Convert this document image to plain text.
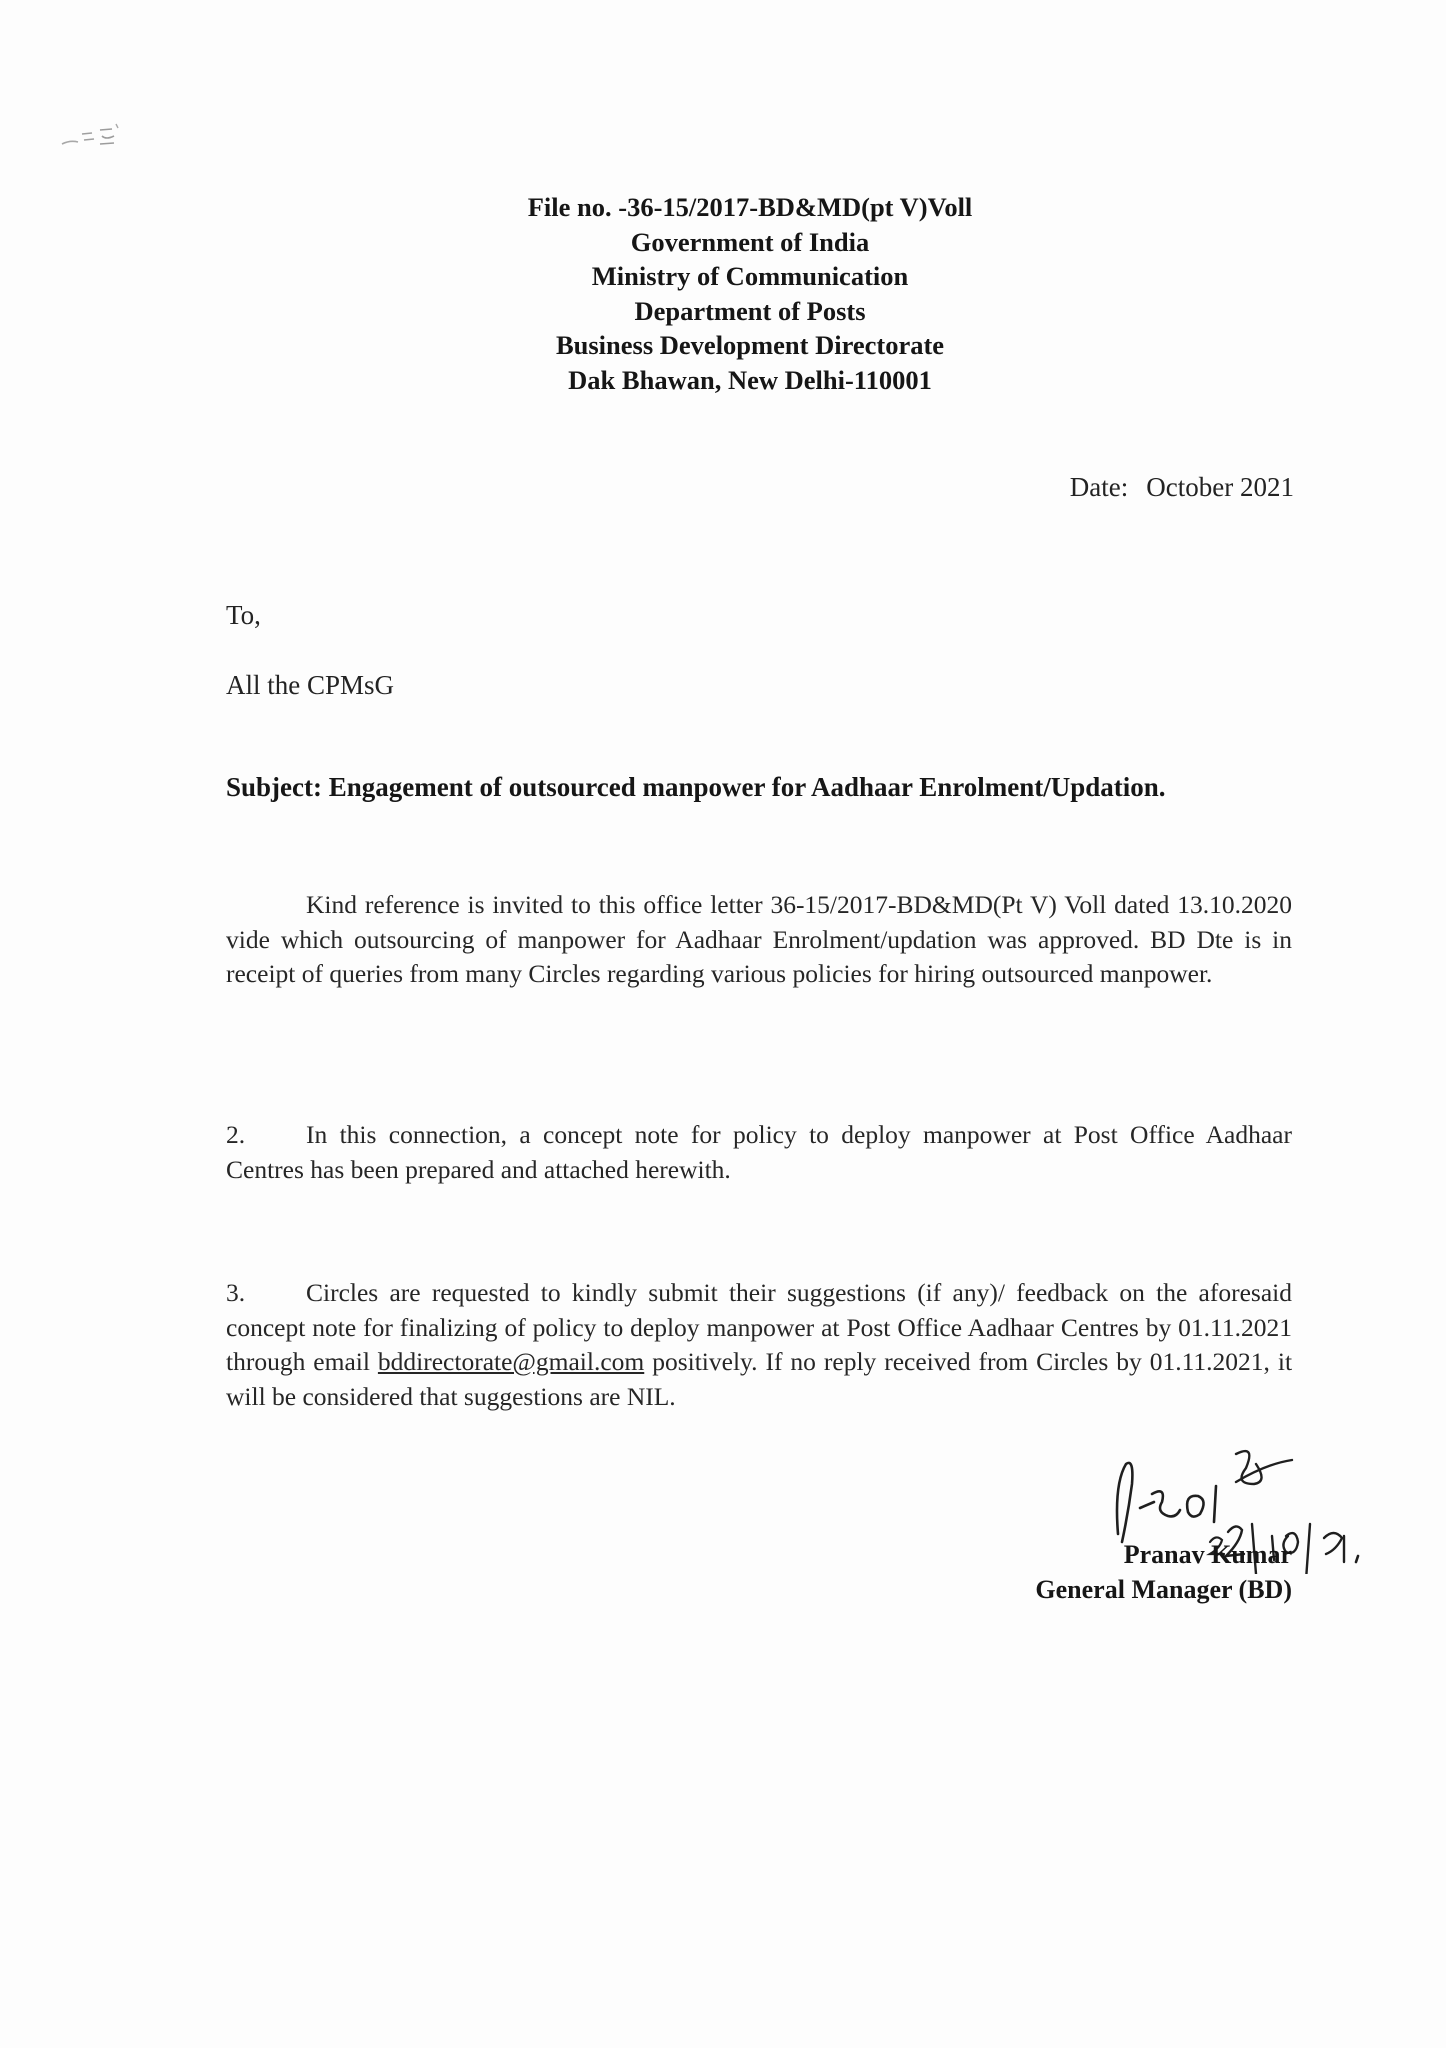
File no. -36-15/2017-BD&MD(pt V)Voll
Government of India
Ministry of Communication
Department of Posts
Business Development Directorate
Dak Bhawan, New Delhi-110001
Date: October 2021
To,
All the CPMsG
Subject: Engagement of outsourced manpower for Aadhaar Enrolment/Updation.
Kind reference is invited to this office letter 36-15/2017-BD&MD(Pt V) Voll dated 13.10.2020 vide which outsourcing of manpower for Aadhaar Enrolment/updation was approved. BD Dte is in receipt of queries from many Circles regarding various policies for hiring outsourced manpower.
2. In this connection, a concept note for policy to deploy manpower at Post Office Aadhaar Centres has been prepared and attached herewith.
3. Circles are requested to kindly submit their suggestions (if any)/ feedback on the aforesaid concept note for finalizing of policy to deploy manpower at Post Office Aadhaar Centres by 01.11.2021 through email bddirectorate@gmail.com positively. If no reply received from Circles by 01.11.2021, it will be considered that suggestions are NIL.
Pranav Kumar
General Manager (BD)
